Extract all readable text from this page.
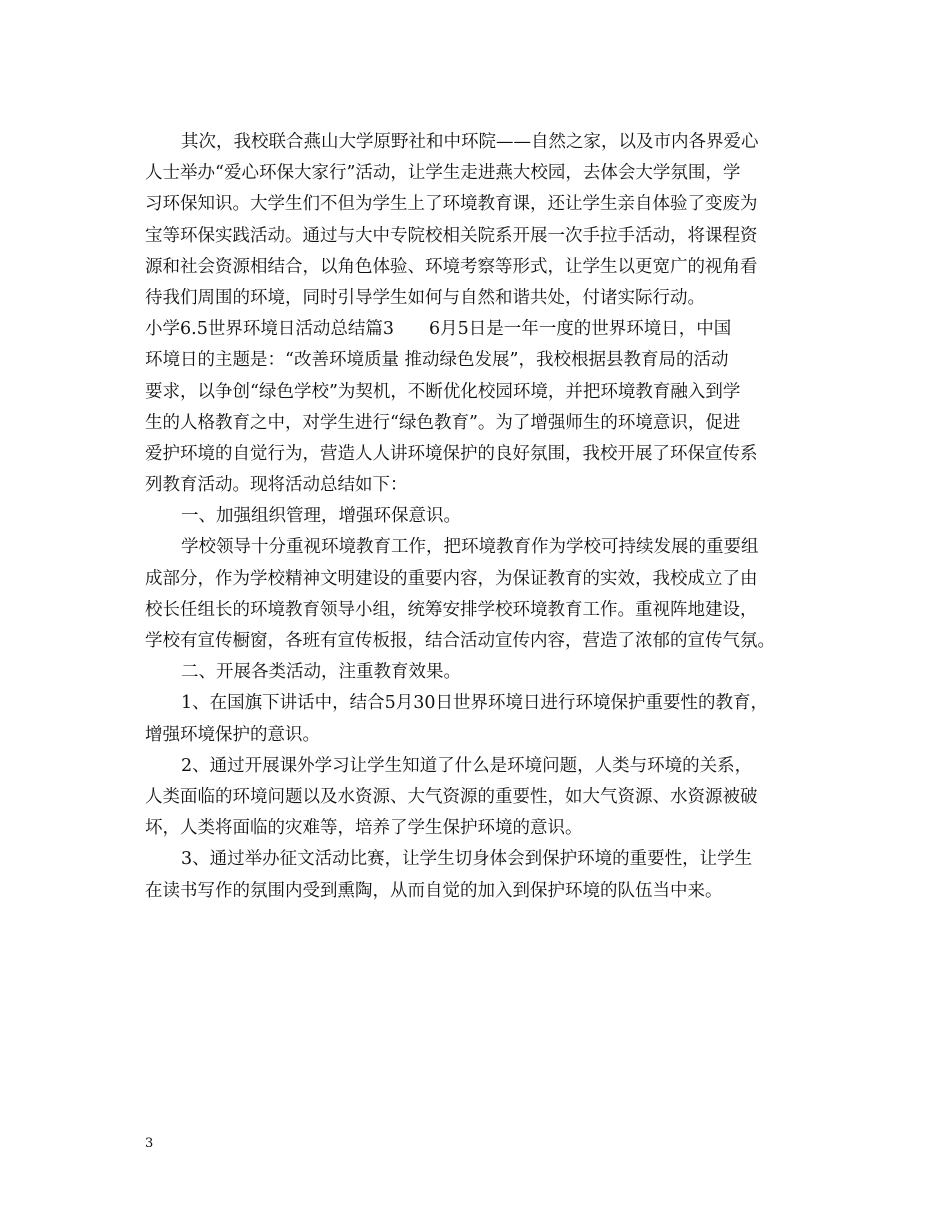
其次，我校联合燕山大学原野社和中环院——自然之家，以及市内各界爱心
人士举办“爱心环保大家行”活动，让学生走进燕大校园，去体会大学氛围，学
习环保知识。大学生们不但为学生上了环境教育课，还让学生亲自体验了变废为
宝等环保实践活动。通过与大中专院校相关院系开展一次手拉手活动，将课程资
源和社会资源相结合，以角色体验、环境考察等形式，让学生以更宽广的视角看
待我们周围的环境，同时引导学生如何与自然和谐共处，付诸实际行动。
小学6.5世界环境日活动总结篇3　　6月5日是一年一度的世界环境日，中国
环境日的主题是：“改善环境质量 推动绿色发展”，我校根据县教育局的活动
要求，以争创“绿色学校”为契机，不断优化校园环境，并把环境教育融入到学
生的人格教育之中，对学生进行“绿色教育”。为了增强师生的环境意识，促进
爱护环境的自觉行为，营造人人讲环境保护的良好氛围，我校开展了环保宣传系
列教育活动。现将活动总结如下：
一、加强组织管理，增强环保意识。
学校领导十分重视环境教育工作，把环境教育作为学校可持续发展的重要组
成部分，作为学校精神文明建设的重要内容，为保证教育的实效，我校成立了由
校长任组长的环境教育领导小组，统筹安排学校环境教育工作。重视阵地建设，
学校有宣传橱窗，各班有宣传板报，结合活动宣传内容，营造了浓郁的宣传气氛。
二、开展各类活动，注重教育效果。
1、在国旗下讲话中，结合5月30日世界环境日进行环境保护重要性的教育，
增强环境保护的意识。
2、通过开展课外学习让学生知道了什么是环境问题，人类与环境的关系，
人类面临的环境问题以及水资源、大气资源的重要性，如大气资源、水资源被破
坏，人类将面临的灾难等，培养了学生保护环境的意识。
3、通过举办征文活动比赛，让学生切身体会到保护环境的重要性，让学生
在读书写作的氛围内受到熏陶，从而自觉的加入到保护环境的队伍当中来。
3
